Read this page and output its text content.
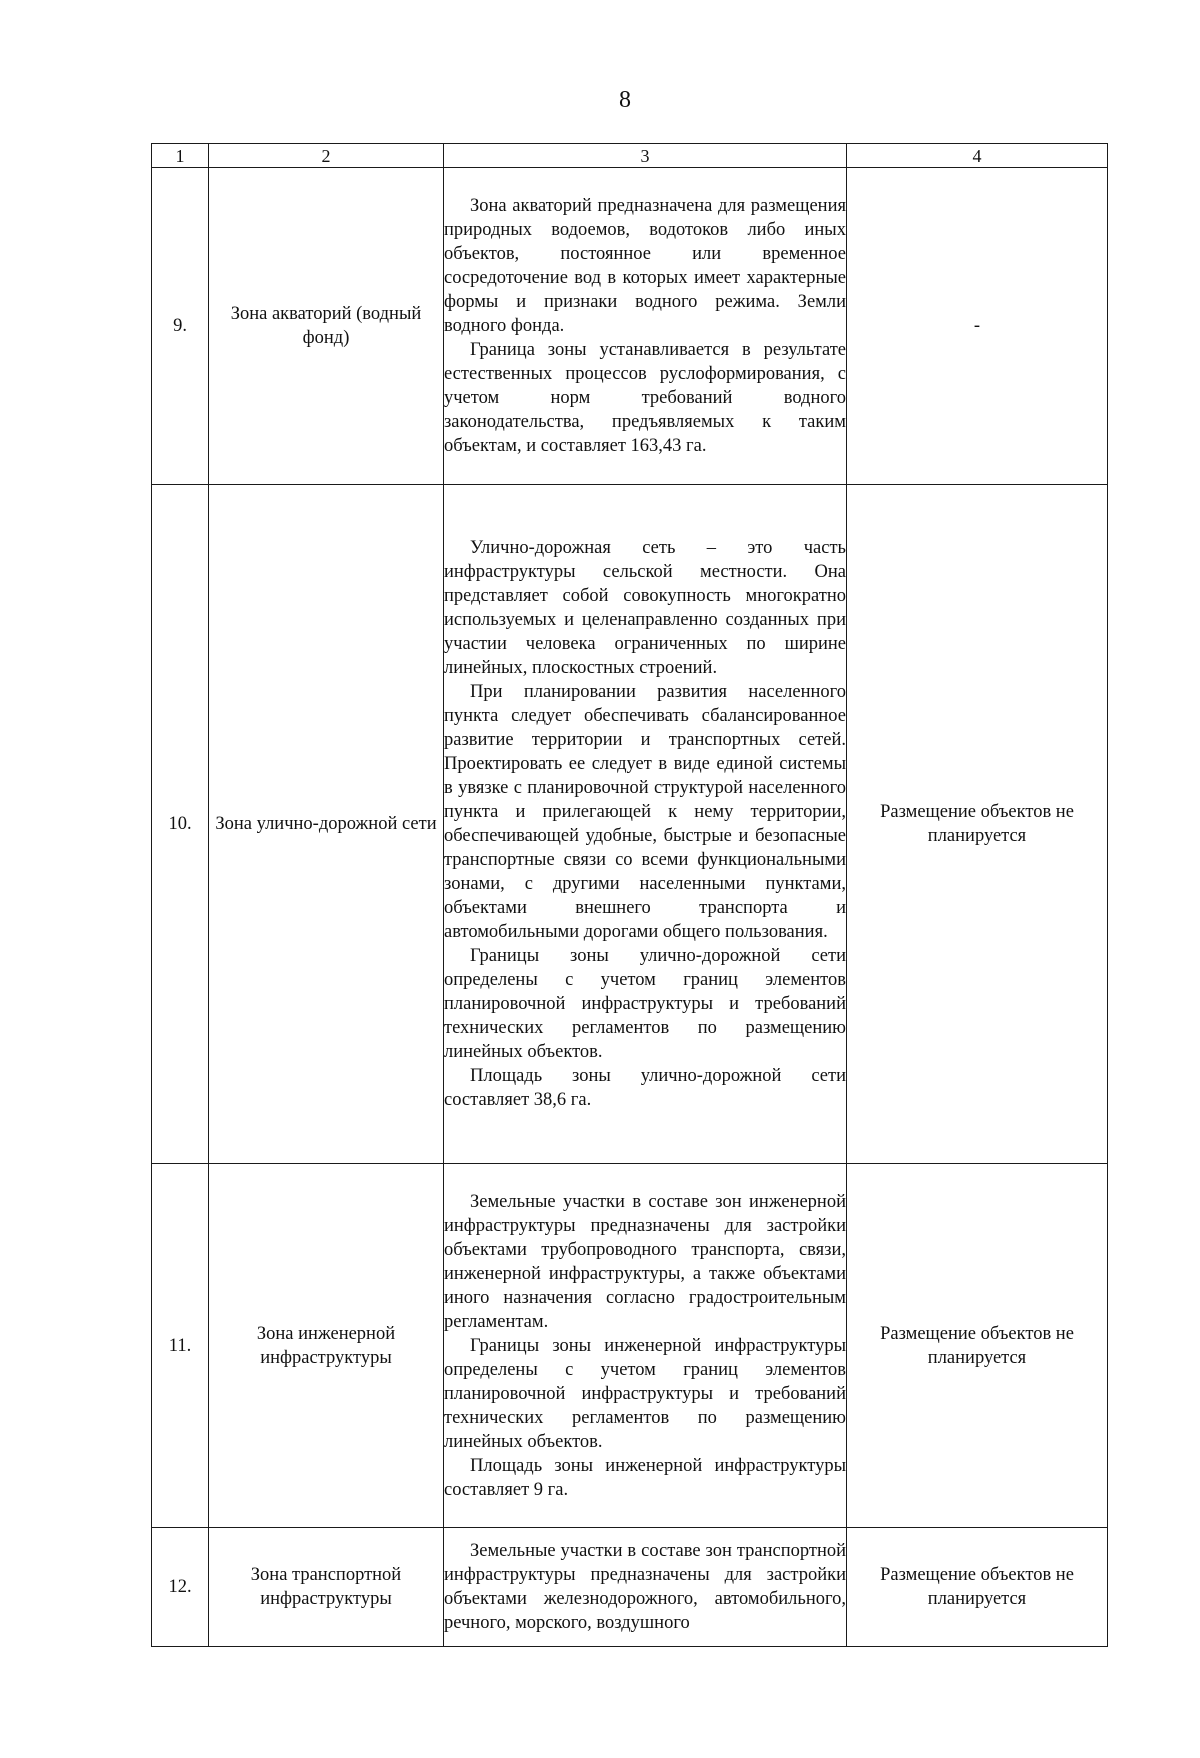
8
1	2	3	4
9.	Зона акваторий (водный фонд)	Зона акваторий предназначена для размещения природных водоемов, водотоков либо иных объектов, постоянное или временное сосредоточение вод в которых имеет характерные формы и признаки водного режима. Земли водного фонда.

Граница зоны устанавливается в результате естественных процессов руслоформирования, с учетом норм требований водного законодательства, предъявляемых к таким объектам, и составляет 163,43 га.	-
10.	Зона улично-дорожной сети	Улично-дорожная сеть – это часть инфраструктуры сельской местности. Она представляет собой совокупность многократно используемых и целенаправленно созданных при участии человека ограниченных по ширине линейных, плоскостных строений.

При планировании развития населенного пункта следует обеспечивать сбалансированное развитие территории и транспортных сетей. Проектировать ее следует в виде единой системы в увязке с планировочной структурой населенного пункта и прилегающей к нему территории, обеспечивающей удобные, быстрые и безопасные транспортные связи со всеми функциональными зонами, с другими населенными пунктами, объектами внешнего транспорта и автомобильными дорогами общего пользования.

Границы зоны улично-дорожной сети определены с учетом границ элементов планировочной инфраструктуры и требований технических регламентов по размещению линейных объектов.

Площадь зоны улично-дорожной сети составляет 38,6 га.	Размещение объектов не планируется
11.	Зона инженерной инфраструктуры	Земельные участки в составе зон инженерной инфраструктуры предназначены для застройки объектами трубопроводного транспорта, связи, инженерной инфраструктуры, а также объектами иного назначения согласно градостроительным регламентам.

Границы зоны инженерной инфраструктуры определены с учетом границ элементов планировочной инфраструктуры и требований технических регламентов по размещению линейных объектов.

Площадь зоны инженерной инфраструктуры составляет 9 га.	Размещение объектов не планируется
12.	Зона транспортной инфраструктуры	Земельные участки в составе зон транспортной инфраструктуры предназначены для застройки объектами железнодорожного, автомобильного, речного, морского, воздушного	Размещение объектов не планируется
